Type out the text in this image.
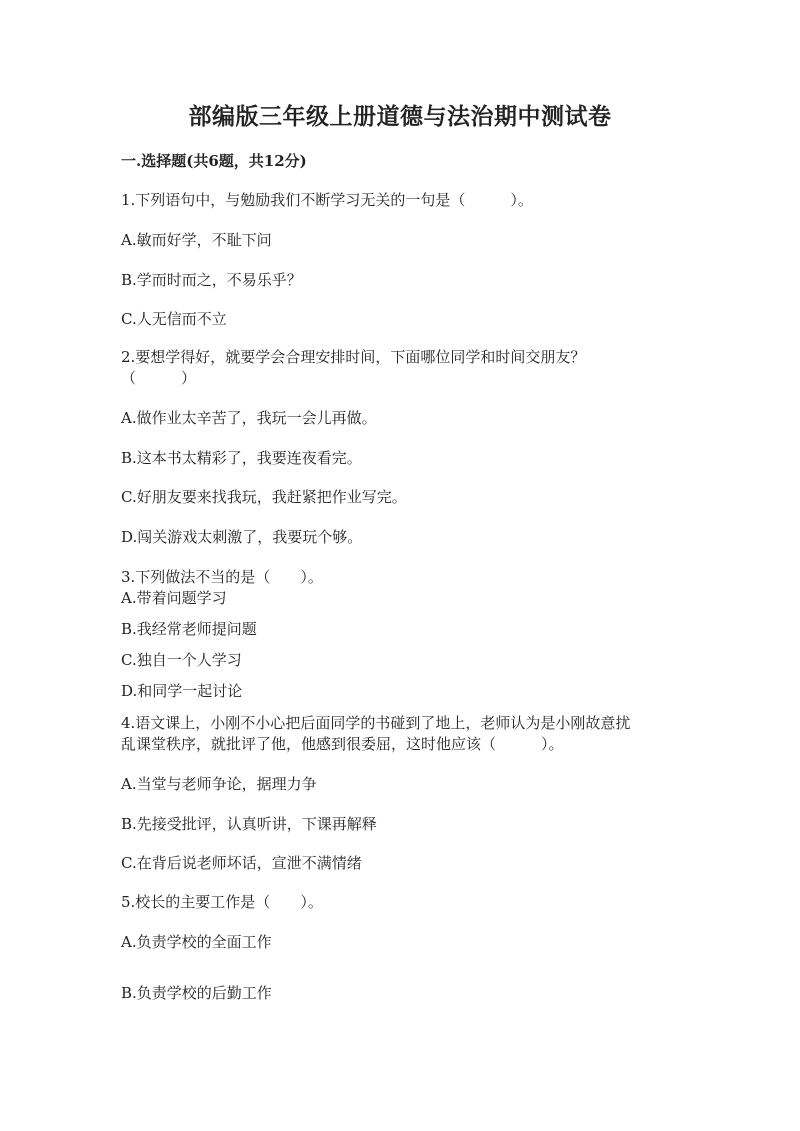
部编版三年级上册道德与法治期中测试卷
一.选择题(共6题，共12分)
1.下列语句中，与勉励我们不断学习无关的一句是（　　　）。
A.敏而好学，不耻下问
B.学而时而之，不易乐乎？
C.人无信而不立
2.要想学得好，就要学会合理安排时间，下面哪位同学和时间交朋友？
（　　　）
A.做作业太辛苦了，我玩一会儿再做。
B.这本书太精彩了，我要连夜看完。
C.好朋友要来找我玩，我赶紧把作业写完。
D.闯关游戏太刺激了，我要玩个够。
3.下列做法不当的是（　　）。
A.带着问题学习
B.我经常老师提问题
C.独自一个人学习
D.和同学一起讨论
4.语文课上，小刚不小心把后面同学的书碰到了地上，老师认为是小刚故意扰
乱课堂秩序，就批评了他，他感到很委屈，这时他应该（　　　）。
A.当堂与老师争论，据理力争
B.先接受批评，认真听讲，下课再解释
C.在背后说老师坏话，宣泄不满情绪
5.校长的主要工作是（　　）。
A.负责学校的全面工作
B.负责学校的后勤工作
